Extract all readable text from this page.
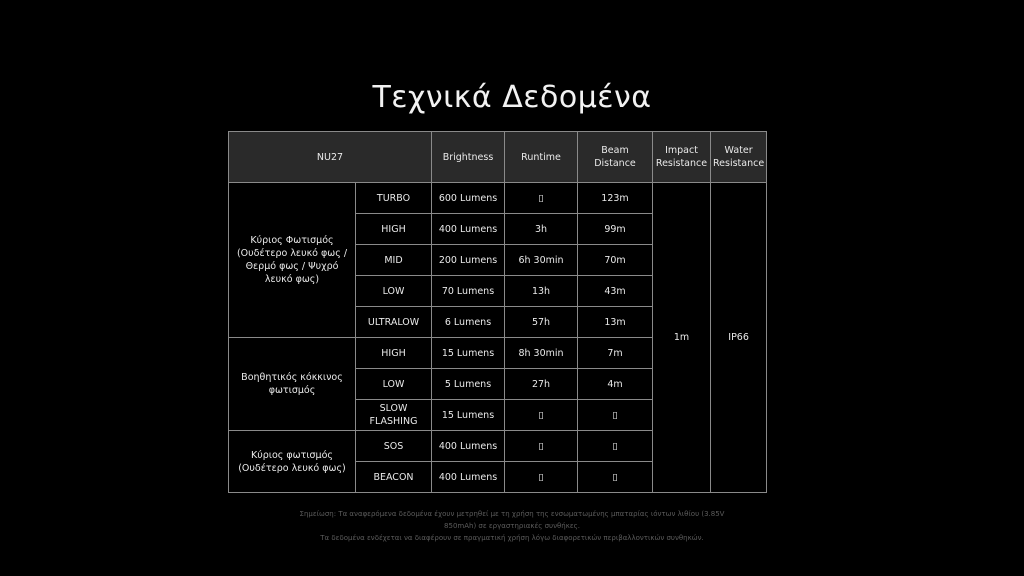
Τεχνικά Δεδομένα
NU27		Brightness	Runtime	Beam Distance	Impact Resistance	Water Resistance
Κύριος Φωτισμός (Ουδέτερο λευκό φως / Θερμό φως / Ψυχρό λευκό φως)	TURBO	600 Lumens	▯	123m	1m	IP66
	HIGH	400 Lumens	3h	99m		
	MID	200 Lumens	6h 30min	70m		
	LOW	70 Lumens	13h	43m		
	ULTRALOW	6 Lumens	57h	13m		
Βοηθητικός κόκκινος φωτισμός	HIGH	15 Lumens	8h 30min	7m		
	LOW	5 Lumens	27h	4m		
	SLOW FLASHING	15 Lumens	▯	▯		
Κύριος φωτισμός (Ουδέτερο λευκό φως)	SOS	400 Lumens	▯	▯		
	BEACON	400 Lumens	▯	▯		
Σημείωση: Τα αναφερόμενα δεδομένα έχουν μετρηθεί με τη χρήση της ενσωματωμένης μπαταρίας ιόντων λιθίου (3.85V
850mAh) σε εργαστηριακές συνθήκες.
Τα δεδομένα ενδέχεται να διαφέρουν σε πραγματική χρήση λόγω διαφορετικών περιβαλλοντικών συνθηκών.
